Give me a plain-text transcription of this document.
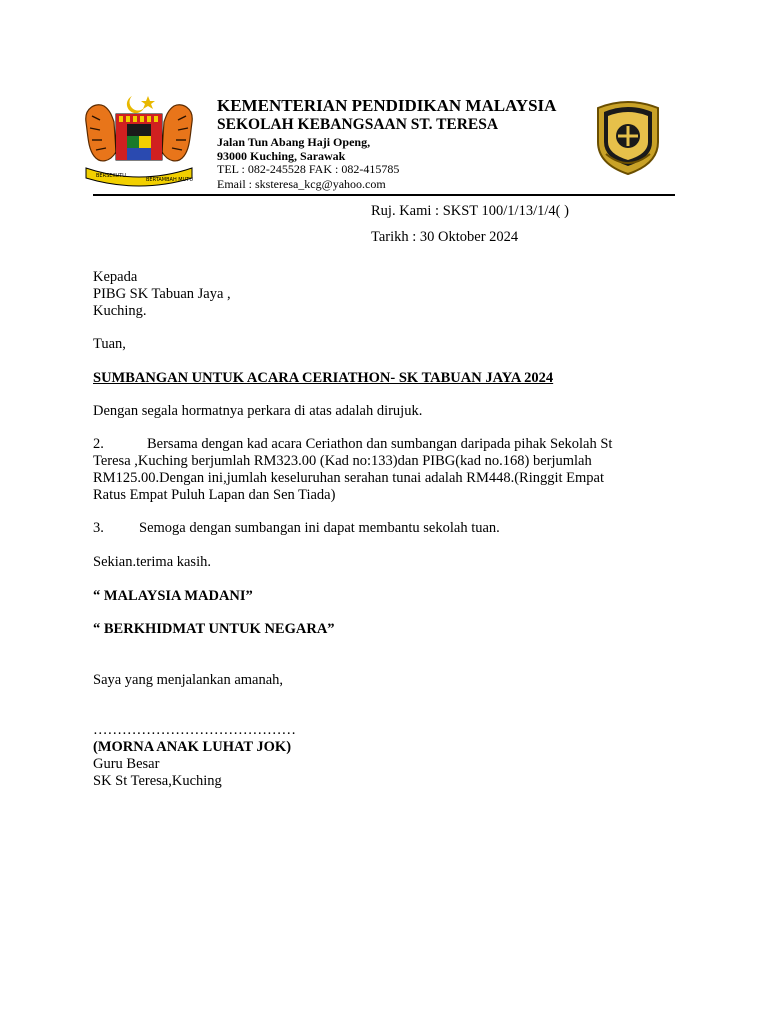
BERSEKUTU
BERTAMBAH MUTU
KEMENTERIAN PENDIDIKAN MALAYSIA
SEKOLAH KEBANGSAAN ST. TERESA
Jalan Tun Abang Haji Openg,
93000 Kuching, Sarawak
TEL : 082-245528 FAK : 082-415785
Email : sksteresa_kcg@yahoo.com
Ruj. Kami : SKST 100/1/13/1/4( )
Tarikh : 30 Oktober 2024
Kepada
PIBG SK Tabuan Jaya ,
Kuching.
Tuan,
SUMBANGAN UNTUK ACARA CERIATHON- SK TABUAN JAYA 2024
Dengan segala hormatnya perkara di atas adalah dirujuk.
2.	Bersama dengan kad acara Ceriathon dan sumbangan daripada pihak Sekolah St
Teresa ,Kuching berjumlah RM323.00 (Kad no:133)dan PIBG(kad no.168) berjumlah
RM125.00.Dengan ini,jumlah keseluruhan serahan tunai adalah RM448.(Ringgit Empat
Ratus Empat Puluh Lapan dan Sen Tiada)
3. Semoga dengan sumbangan ini dapat membantu sekolah tuan.
Sekian.terima kasih.
“ MALAYSIA MADANI”
“ BERKHIDMAT UNTUK NEGARA”
Saya yang menjalankan amanah,
……………………………………
(MORNA ANAK LUHAT JOK)
Guru Besar
SK St Teresa,Kuching
